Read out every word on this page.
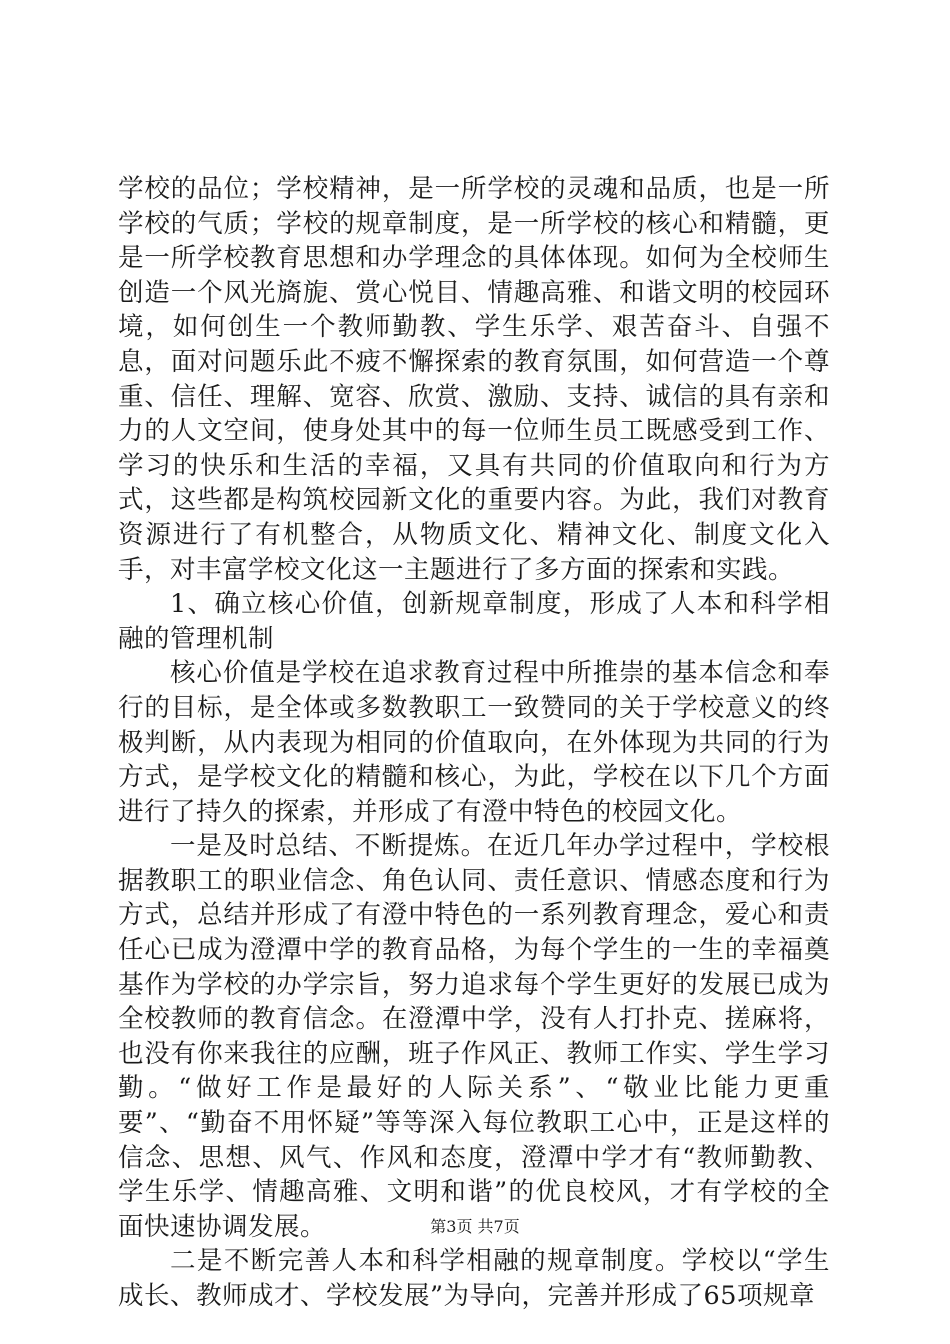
学校的品位；学校精神，是一所学校的灵魂和品质，也是一所学校的气质；学校的规章制度，是一所学校的核心和精髓，更是一所学校教育思想和办学理念的具体体现。如何为全校师生创造一个风光旖旎、赏心悦目、情趣高雅、和谐文明的校园环境，如何创生一个教师勤教、学生乐学、艰苦奋斗、自强不息，面对问题乐此不疲不懈探索的教育氛围，如何营造一个尊重、信任、理解、宽容、欣赏、激励、支持、诚信的具有亲和力的人文空间，使身处其中的每一位师生员工既感受到工作、学习的快乐和生活的幸福，又具有共同的价值取向和行为方式，这些都是构筑校园新文化的重要内容。为此，我们对教育资源进行了有机整合，从物质文化、精神文化、制度文化入手，对丰富学校文化这一主题进行了多方面的探索和实践。

1、确立核心价值，创新规章制度，形成了人本和科学相融的管理机制

核心价值是学校在追求教育过程中所推崇的基本信念和奉行的目标，是全体或多数教职工一致赞同的关于学校意义的终极判断，从内表现为相同的价值取向，在外体现为共同的行为方式，是学校文化的精髓和核心，为此，学校在以下几个方面进行了持久的探索，并形成了有澄中特色的校园文化。

一是及时总结、不断提炼。在近几年办学过程中，学校根据教职工的职业信念、角色认同、责任意识、情感态度和行为方式，总结并形成了有澄中特色的一系列教育理念，爱心和责任心已成为澄潭中学的教育品格，为每个学生的一生的幸福奠基作为学校的办学宗旨，努力追求每个学生更好的发展已成为全校教师的教育信念。在澄潭中学，没有人打扑克、搓麻将，也没有你来我往的应酬，班子作风正、教师工作实、学生学习勤。“做好工作是最好的人际关系”、“敬业比能力更重要”、“勤奋不用怀疑”等等深入每位教职工心中，正是这样的信念、思想、风气、作风和态度，澄潭中学才有“教师勤教、学生乐学、情趣高雅、文明和谐”的优良校风，才有学校的全面快速协调发展。

二是不断完善人本和科学相融的规章制度。学校以“学生成长、教师成才、学校发展”为导向，完善并形成了65项规章

第3页 共7页
